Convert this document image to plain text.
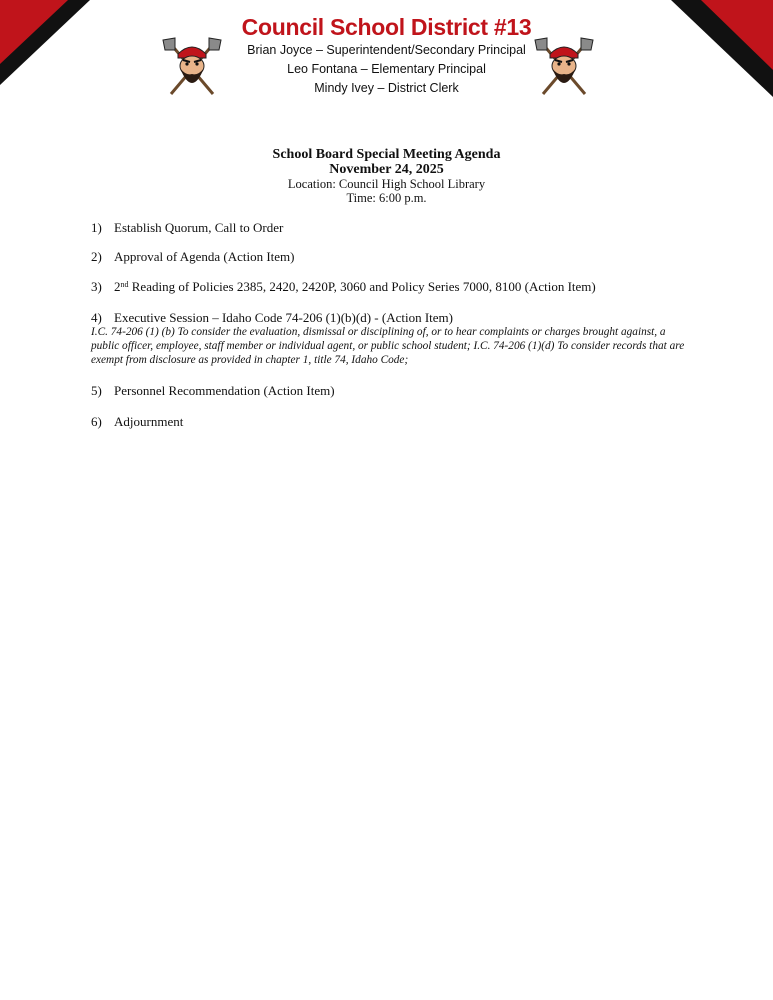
Council School District #13
Brian Joyce – Superintendent/Secondary Principal
Leo Fontana – Elementary Principal
Mindy Ivey – District Clerk
School Board Special Meeting Agenda
November 24, 2025
Location: Council High School Library
Time: 6:00 p.m.
1) Establish Quorum, Call to Order
2) Approval of Agenda (Action Item)
3) 2nd Reading of Policies 2385, 2420, 2420P, 3060 and Policy Series 7000, 8100 (Action Item)
4) Executive Session – Idaho Code 74-206 (1)(b)(d) - (Action Item)
I.C. 74-206 (1) (b) To consider the evaluation, dismissal or disciplining of, or to hear complaints or charges brought against, a public officer, employee, staff member or individual agent, or public school student; I.C. 74-206 (1)(d) To consider records that are exempt from disclosure as provided in chapter 1, title 74, Idaho Code;
5) Personnel Recommendation (Action Item)
6) Adjournment
